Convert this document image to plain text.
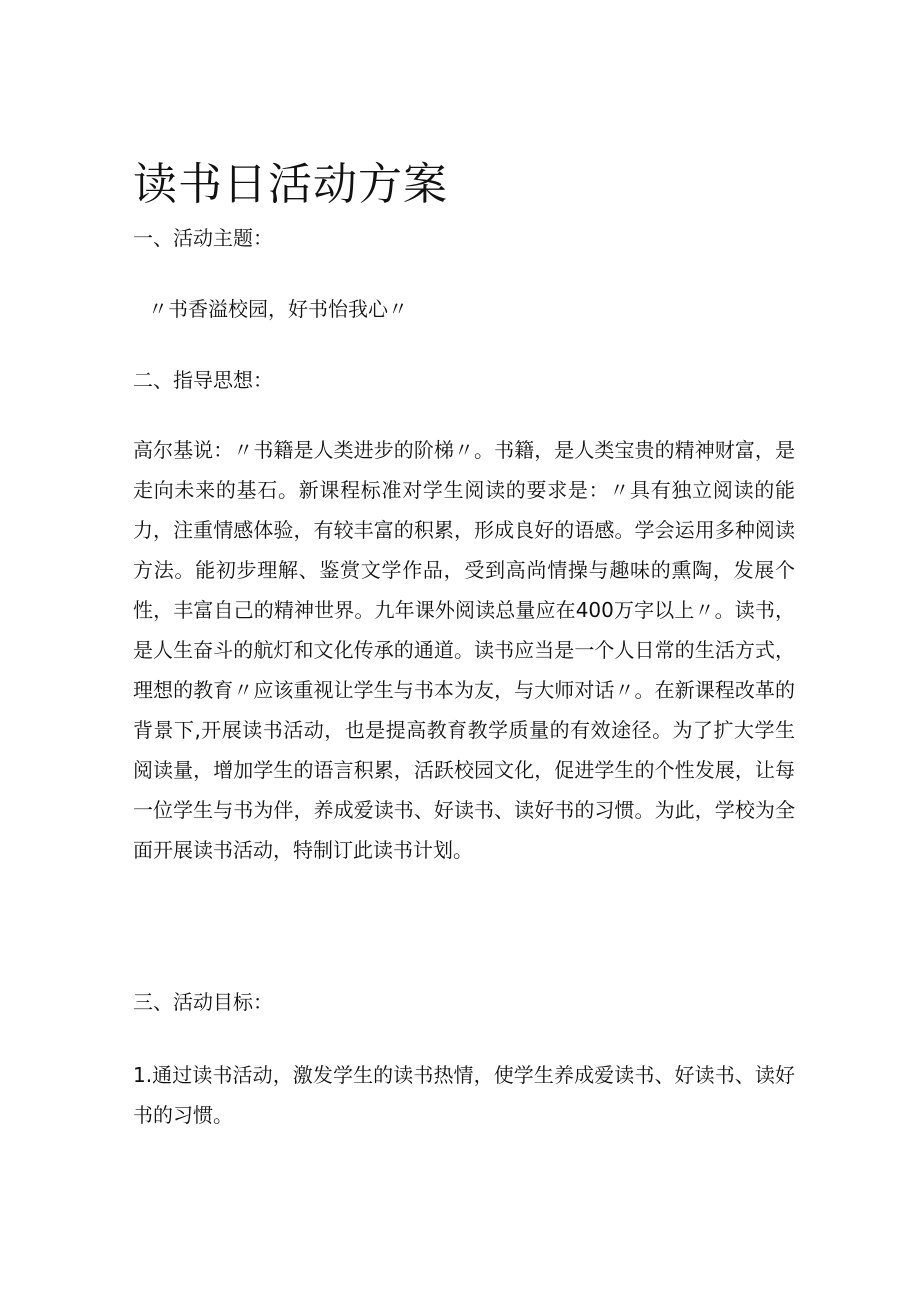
读书日活动方案
一、活动主题：
〃书香溢校园，好书怡我心〃
二、指导思想：
高尔基说：〃书籍是人类进步的阶梯〃。书籍，是人类宝贵的精神财富，是走向未来的基石。新课程标准对学生阅读的要求是：〃具有独立阅读的能力，注重情感体验，有较丰富的积累，形成良好的语感。学会运用多种阅读方法。能初步理解、鉴赏文学作品，受到高尚情操与趣味的熏陶，发展个性，丰富自己的精神世界。九年课外阅读总量应在400万字以上〃。读书，是人生奋斗的航灯和文化传承的通道。读书应当是一个人日常的生活方式，理想的教育〃应该重视让学生与书本为友，与大师对话〃。在新课程改革的背景下,开展读书活动，也是提高教育教学质量的有效途径。为了扩大学生阅读量，增加学生的语言积累，活跃校园文化，促进学生的个性发展，让每一位学生与书为伴，养成爱读书、好读书、读好书的习惯。为此，学校为全面开展读书活动，特制订此读书计划。
三、活动目标：
1.通过读书活动，激发学生的读书热情，使学生养成爱读书、好读书、读好书的习惯。
